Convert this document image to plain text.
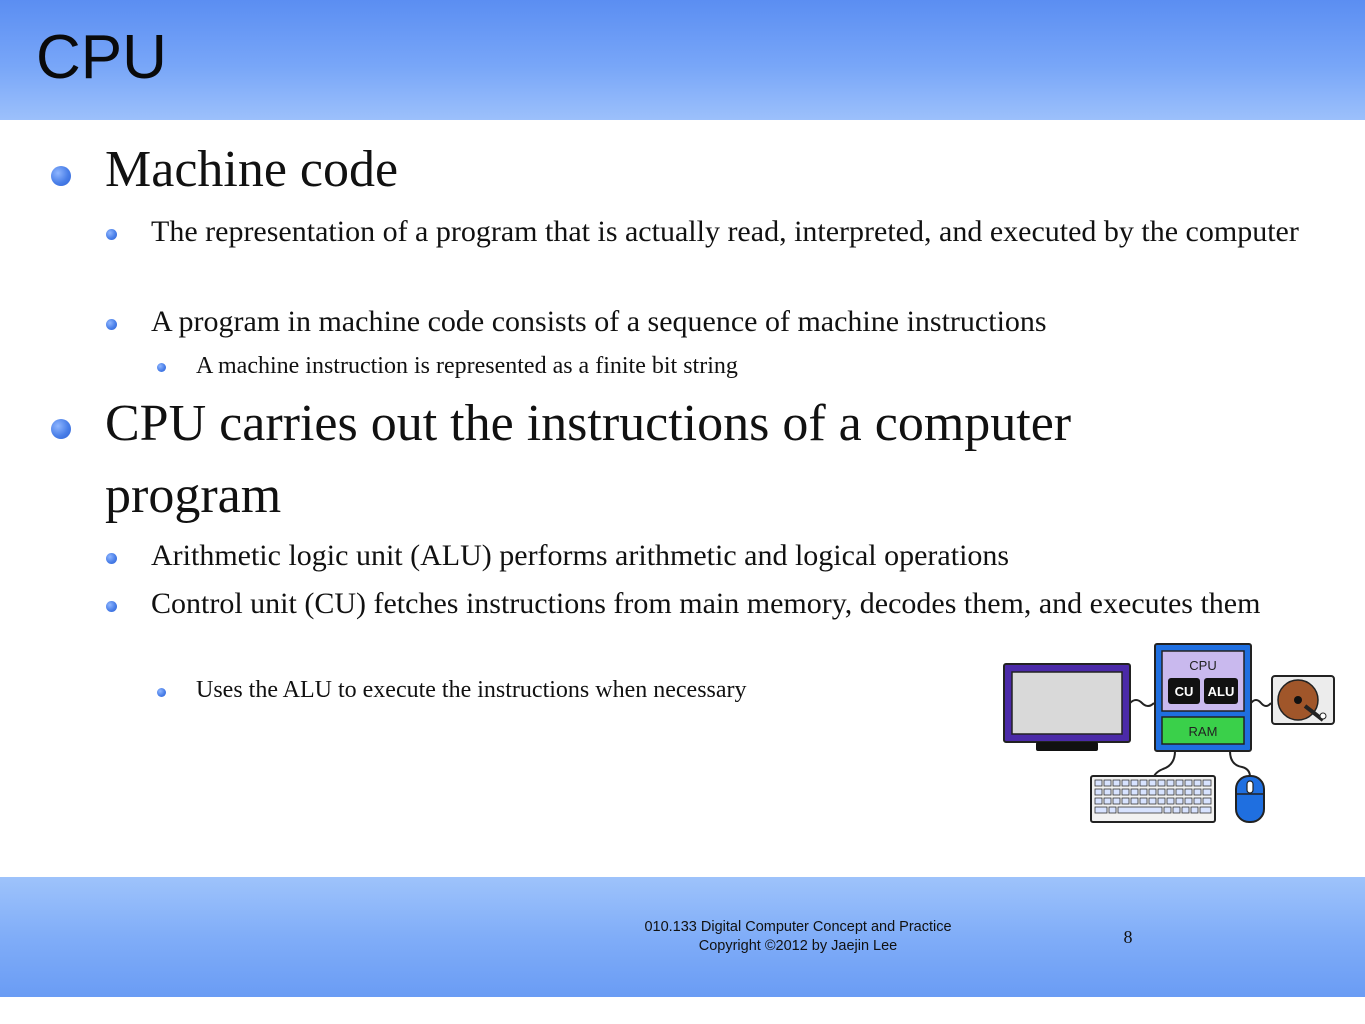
CPU
Machine code
The representation of a program that is actually read, interpreted, and executed by the computer
A program in machine code consists of a sequence of machine instructions
A machine instruction is represented as a finite bit string
CPU carries out the instructions of a computer program
Arithmetic logic unit (ALU) performs arithmetic and logical operations
Control unit (CU) fetches instructions from main memory, decodes them, and executes them
Uses the ALU to execute the instructions when necessary
CPU
CU ALU
RAM
010.133 Digital Computer Concept and Practice
Copyright ©2012 by Jaejin Lee	8
